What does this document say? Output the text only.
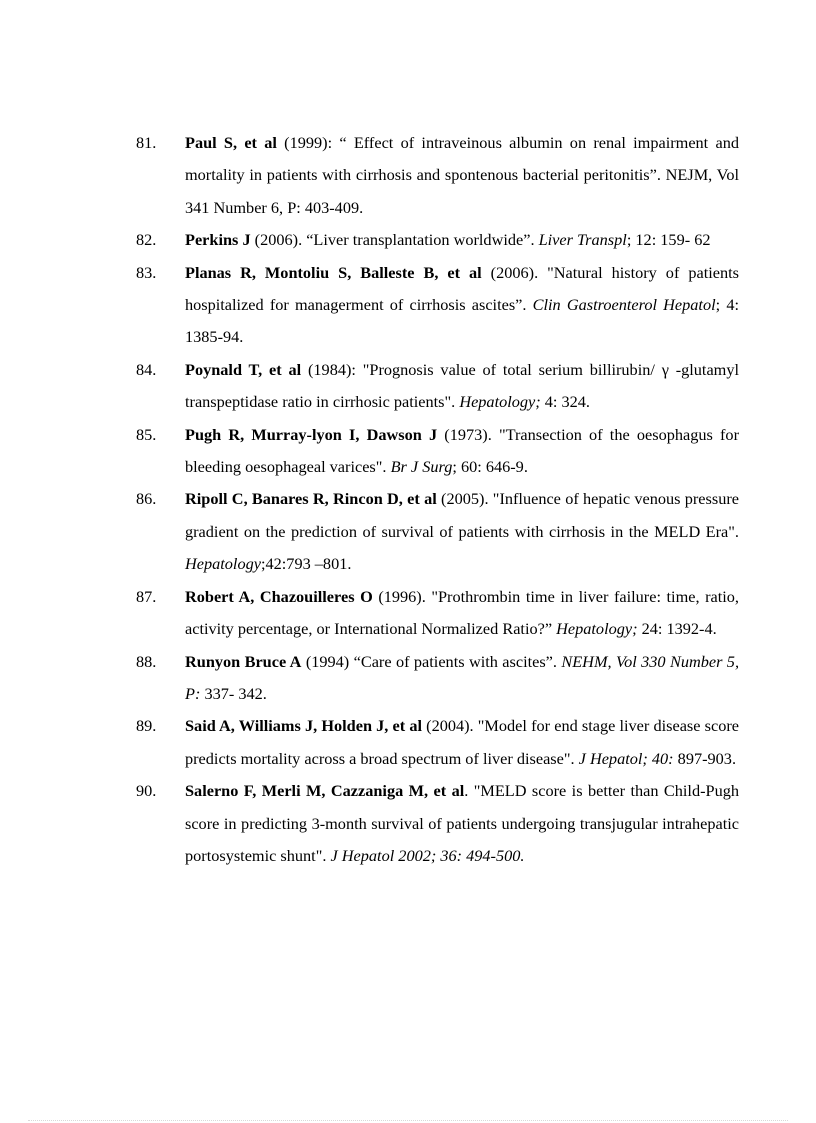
81.	Paul S, et al (1999): “ Effect of intraveinous albumin on renal impairment and mortality in patients with cirrhosis and spontenous bacterial peritonitis”. NEJM, Vol 341 Number 6, P: 403-409.
82.	Perkins J (2006). “Liver transplantation worldwide”. Liver Transpl; 12: 159- 62
83.	Planas R, Montoliu S, Balleste B, et al (2006). "Natural history of patients hospitalized for managerment of cirrhosis ascites”. Clin Gastroenterol Hepatol; 4: 1385-94.
84.	Poynald T, et al (1984): "Prognosis value of total serium billirubin/ γ -glutamyl transpeptidase ratio in cirrhosic patients". Hepatology; 4: 324.
85.	Pugh R, Murray-lyon I, Dawson J (1973). "Transection of the oesophagus for bleeding oesophageal varices". Br J Surg; 60: 646-9.
86.	Ripoll C, Banares R, Rincon D, et al (2005). "Influence of hepatic venous pressure gradient on the prediction of survival of patients with cirrhosis in the MELD Era". Hepatology;42:793 –801.
87.	Robert A, Chazouilleres O (1996). "Prothrombin time in liver failure: time, ratio, activity percentage, or International Normalized Ratio?” Hepatology; 24: 1392-4.
88.	Runyon Bruce A (1994) “Care of patients with ascites”. NEHM, Vol 330 Number 5, P: 337- 342.
89.	Said A, Williams J, Holden J, et al (2004). "Model for end stage liver disease score predicts mortality across a broad spectrum of liver disease". J Hepatol; 40: 897-903.
90.	Salerno F, Merli M, Cazzaniga M, et al. "MELD score is better than Child-Pugh score in predicting 3-month survival of patients undergoing transjugular intrahepatic portosystemic shunt". J Hepatol 2002; 36: 494-500.
